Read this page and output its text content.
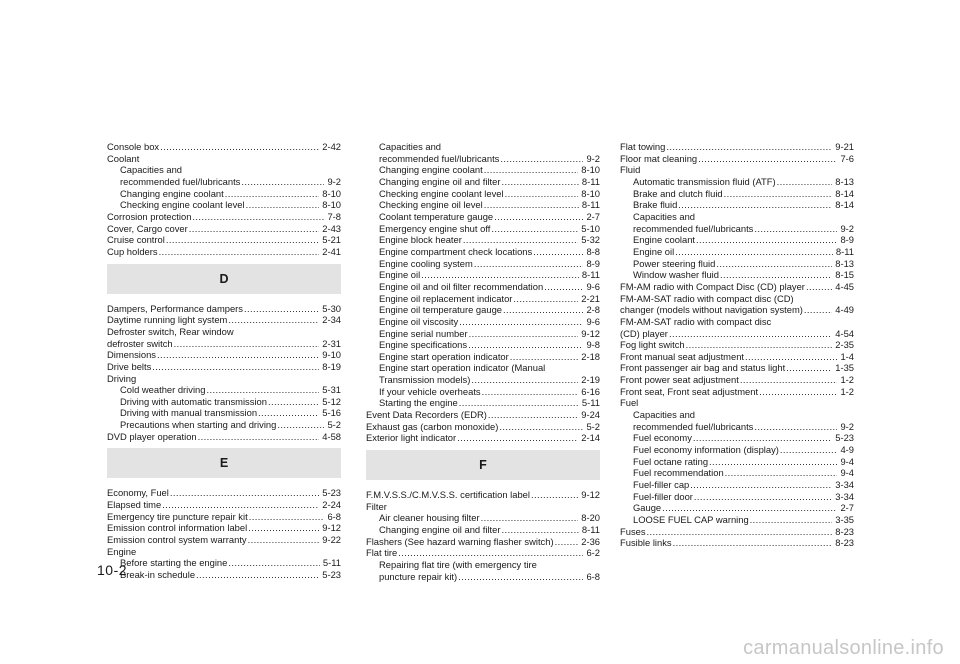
Console box .....	2-42
Coolant
Capacities and
recommended fuel/lubricants .....	9-2
Changing engine coolant .....	8-10
Checking engine coolant level .....	8-10
Corrosion protection .....	7-8
Cover, Cargo cover .....	2-43
Cruise control .....	5-21
Cup holders .....	2-41
D
Dampers, Performance dampers .....	5-30
Daytime running light system .....	2-34
Defroster switch, Rear window
defroster switch .....	2-31
Dimensions .....	9-10
Drive belts .....	8-19
Driving
Cold weather driving .....	5-31
Driving with automatic transmission .....	5-12
Driving with manual transmission .....	5-16
Precautions when starting and driving .....	5-2
DVD player operation .....	4-58
E
Economy, Fuel .....	5-23
Elapsed time .....	2-24
Emergency tire puncture repair kit .....	6-8
Emission control information label .....	9-12
Emission control system warranty .....	9-22
Engine
Before starting the engine .....	5-11
Break-in schedule .....	5-23
Capacities and
recommended fuel/lubricants .....	9-2
Changing engine coolant .....	8-10
Changing engine oil and filter .....	8-11
Checking engine coolant level .....	8-10
Checking engine oil level .....	8-11
Coolant temperature gauge .....	2-7
Emergency engine shut off .....	5-10
Engine block heater .....	5-32
Engine compartment check locations .....	8-8
Engine cooling system .....	8-9
Engine oil .....	8-11
Engine oil and oil filter recommendation .....	9-6
Engine oil replacement indicator .....	2-21
Engine oil temperature gauge .....	2-8
Engine oil viscosity .....	9-6
Engine serial number .....	9-12
Engine specifications .....	9-8
Engine start operation indicator .....	2-18
Engine start operation indicator (Manual
Transmission models) .....	2-19
If your vehicle overheats .....	6-16
Starting the engine .....	5-11
Event Data Recorders (EDR) .....	9-24
Exhaust gas (carbon monoxide) .....	5-2
Exterior light indicator .....	2-14
F
F.M.V.S.S./C.M.V.S.S. certification label .....	9-12
Filter
Air cleaner housing filter .....	8-20
Changing engine oil and filter .....	8-11
Flashers (See hazard warning flasher switch) .....	2-36
Flat tire .....	6-2
Repairing flat tire (with emergency tire
puncture repair kit) .....	6-8
Flat towing .....	9-21
Floor mat cleaning .....	7-6
Fluid
Automatic transmission fluid (ATF) .....	8-13
Brake and clutch fluid .....	8-14
Brake fluid .....	8-14
Capacities and
recommended fuel/lubricants .....	9-2
Engine coolant .....	8-9
Engine oil .....	8-11
Power steering fluid .....	8-13
Window washer fluid .....	8-15
FM-AM radio with Compact Disc (CD) player .....	4-45
FM-AM-SAT radio with compact disc (CD)
changer (models without navigation system) .....	4-49
FM-AM-SAT radio with compact disc
(CD) player .....	4-54
Fog light switch .....	2-35
Front manual seat adjustment .....	1-4
Front passenger air bag and status light .....	1-35
Front power seat adjustment .....	1-2
Front seat, Front seat adjustment .....	1-2
Fuel
Capacities and
recommended fuel/lubricants .....	9-2
Fuel economy .....	5-23
Fuel economy information (display) .....	4-9
Fuel octane rating .....	9-4
Fuel recommendation .....	9-4
Fuel-filler cap .....	3-34
Fuel-filler door .....	3-34
Gauge .....	2-7
LOOSE FUEL CAP warning .....	3-35
Fuses .....	8-23
Fusible links .....	8-23
10-2
carmanualsonline.info
